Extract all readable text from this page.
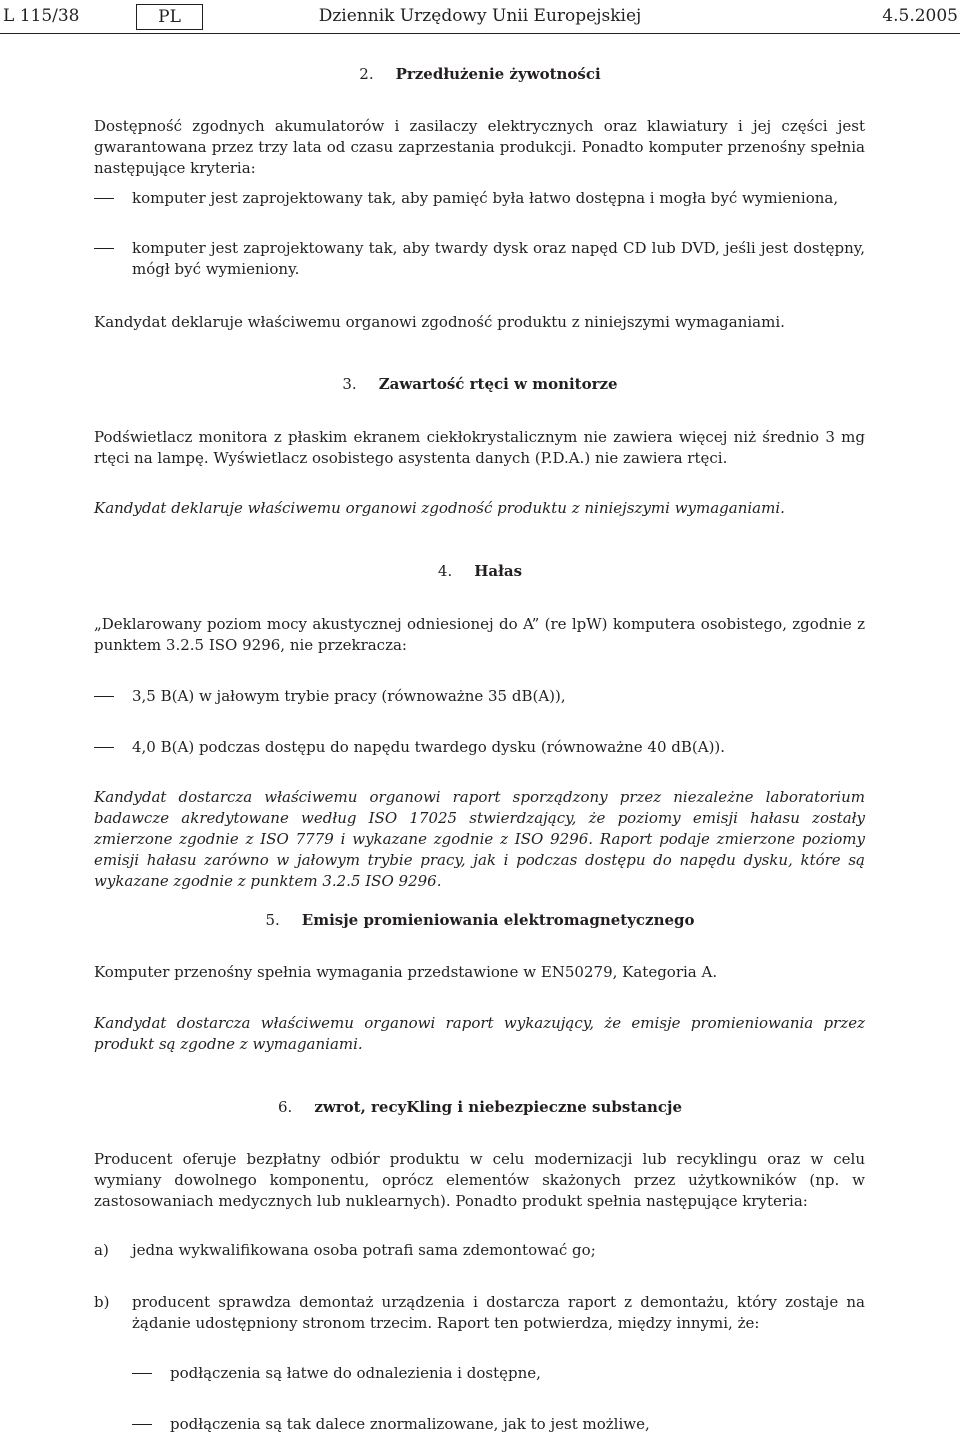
L 115/38	PL	Dziennik Urzędowy Unii Europejskiej	4.5.2005
2. Przedłużenie żywotności
Dostępność zgodnych akumulatorów i zasilaczy elektrycznych oraz klawiatury i jej części jest gwarantowana przez trzy lata od czasu zaprzestania produkcji. Ponadto komputer przenośny spełnia następujące kryteria:
komputer jest zaprojektowany tak, aby pamięć była łatwo dostępna i mogła być wymieniona,
komputer jest zaprojektowany tak, aby twardy dysk oraz napęd CD lub DVD, jeśli jest dostępny, mógł być wymieniony.
Kandydat deklaruje właściwemu organowi zgodność produktu z niniejszymi wymaganiami.
3. Zawartość rtęci w monitorze
Podświetlacz monitora z płaskim ekranem ciekłokrystalicznym nie zawiera więcej niż średnio 3 mg rtęci na lampę. Wyświetlacz osobistego asystenta danych (P.D.A.) nie zawiera rtęci.
Kandydat deklaruje właściwemu organowi zgodność produktu z niniejszymi wymaganiami.
4. Hałas
„Deklarowany poziom mocy akustycznej odniesionej do A” (re lpW) komputera osobistego, zgodnie z punktem 3.2.5 ISO 9296, nie przekracza:
3,5 B(A) w jałowym trybie pracy (równoważne 35 dB(A)),
4,0 B(A) podczas dostępu do napędu twardego dysku (równoważne 40 dB(A)).
Kandydat dostarcza właściwemu organowi raport sporządzony przez niezależne laboratorium badawcze akredytowane według ISO 17025 stwierdzający, że poziomy emisji hałasu zostały zmierzone zgodnie z ISO 7779 i wykazane zgodnie z ISO 9296. Raport podaje zmierzone poziomy emisji hałasu zarówno w jałowym trybie pracy, jak i podczas dostępu do napędu dysku, które są wykazane zgodnie z punktem 3.2.5 ISO 9296.
5. Emisje promieniowania elektromagnetycznego
Komputer przenośny spełnia wymagania przedstawione w EN50279, Kategoria A.
Kandydat dostarcza właściwemu organowi raport wykazujący, że emisje promieniowania przez produkt są zgodne z wymaganiami.
6. zwrot, recyKling i niebezpieczne substancje
Producent oferuje bezpłatny odbiór produktu w celu modernizacji lub recyklingu oraz w celu wymiany dowolnego komponentu, oprócz elementów skażonych przez użytkowników (np. w zastosowaniach medycznych lub nuklearnych). Ponadto produkt spełnia następujące kryteria:
a) jedna wykwalifikowana osoba potrafi sama zdemontować go;
b) producent sprawdza demontaż urządzenia i dostarcza raport z demontażu, który zostaje na żądanie udostępniony stronom trzecim. Raport ten potwierdza, między innymi, że:
podłączenia są łatwe do odnalezienia i dostępne,
podłączenia są tak dalece znormalizowane, jak to jest możliwe,
